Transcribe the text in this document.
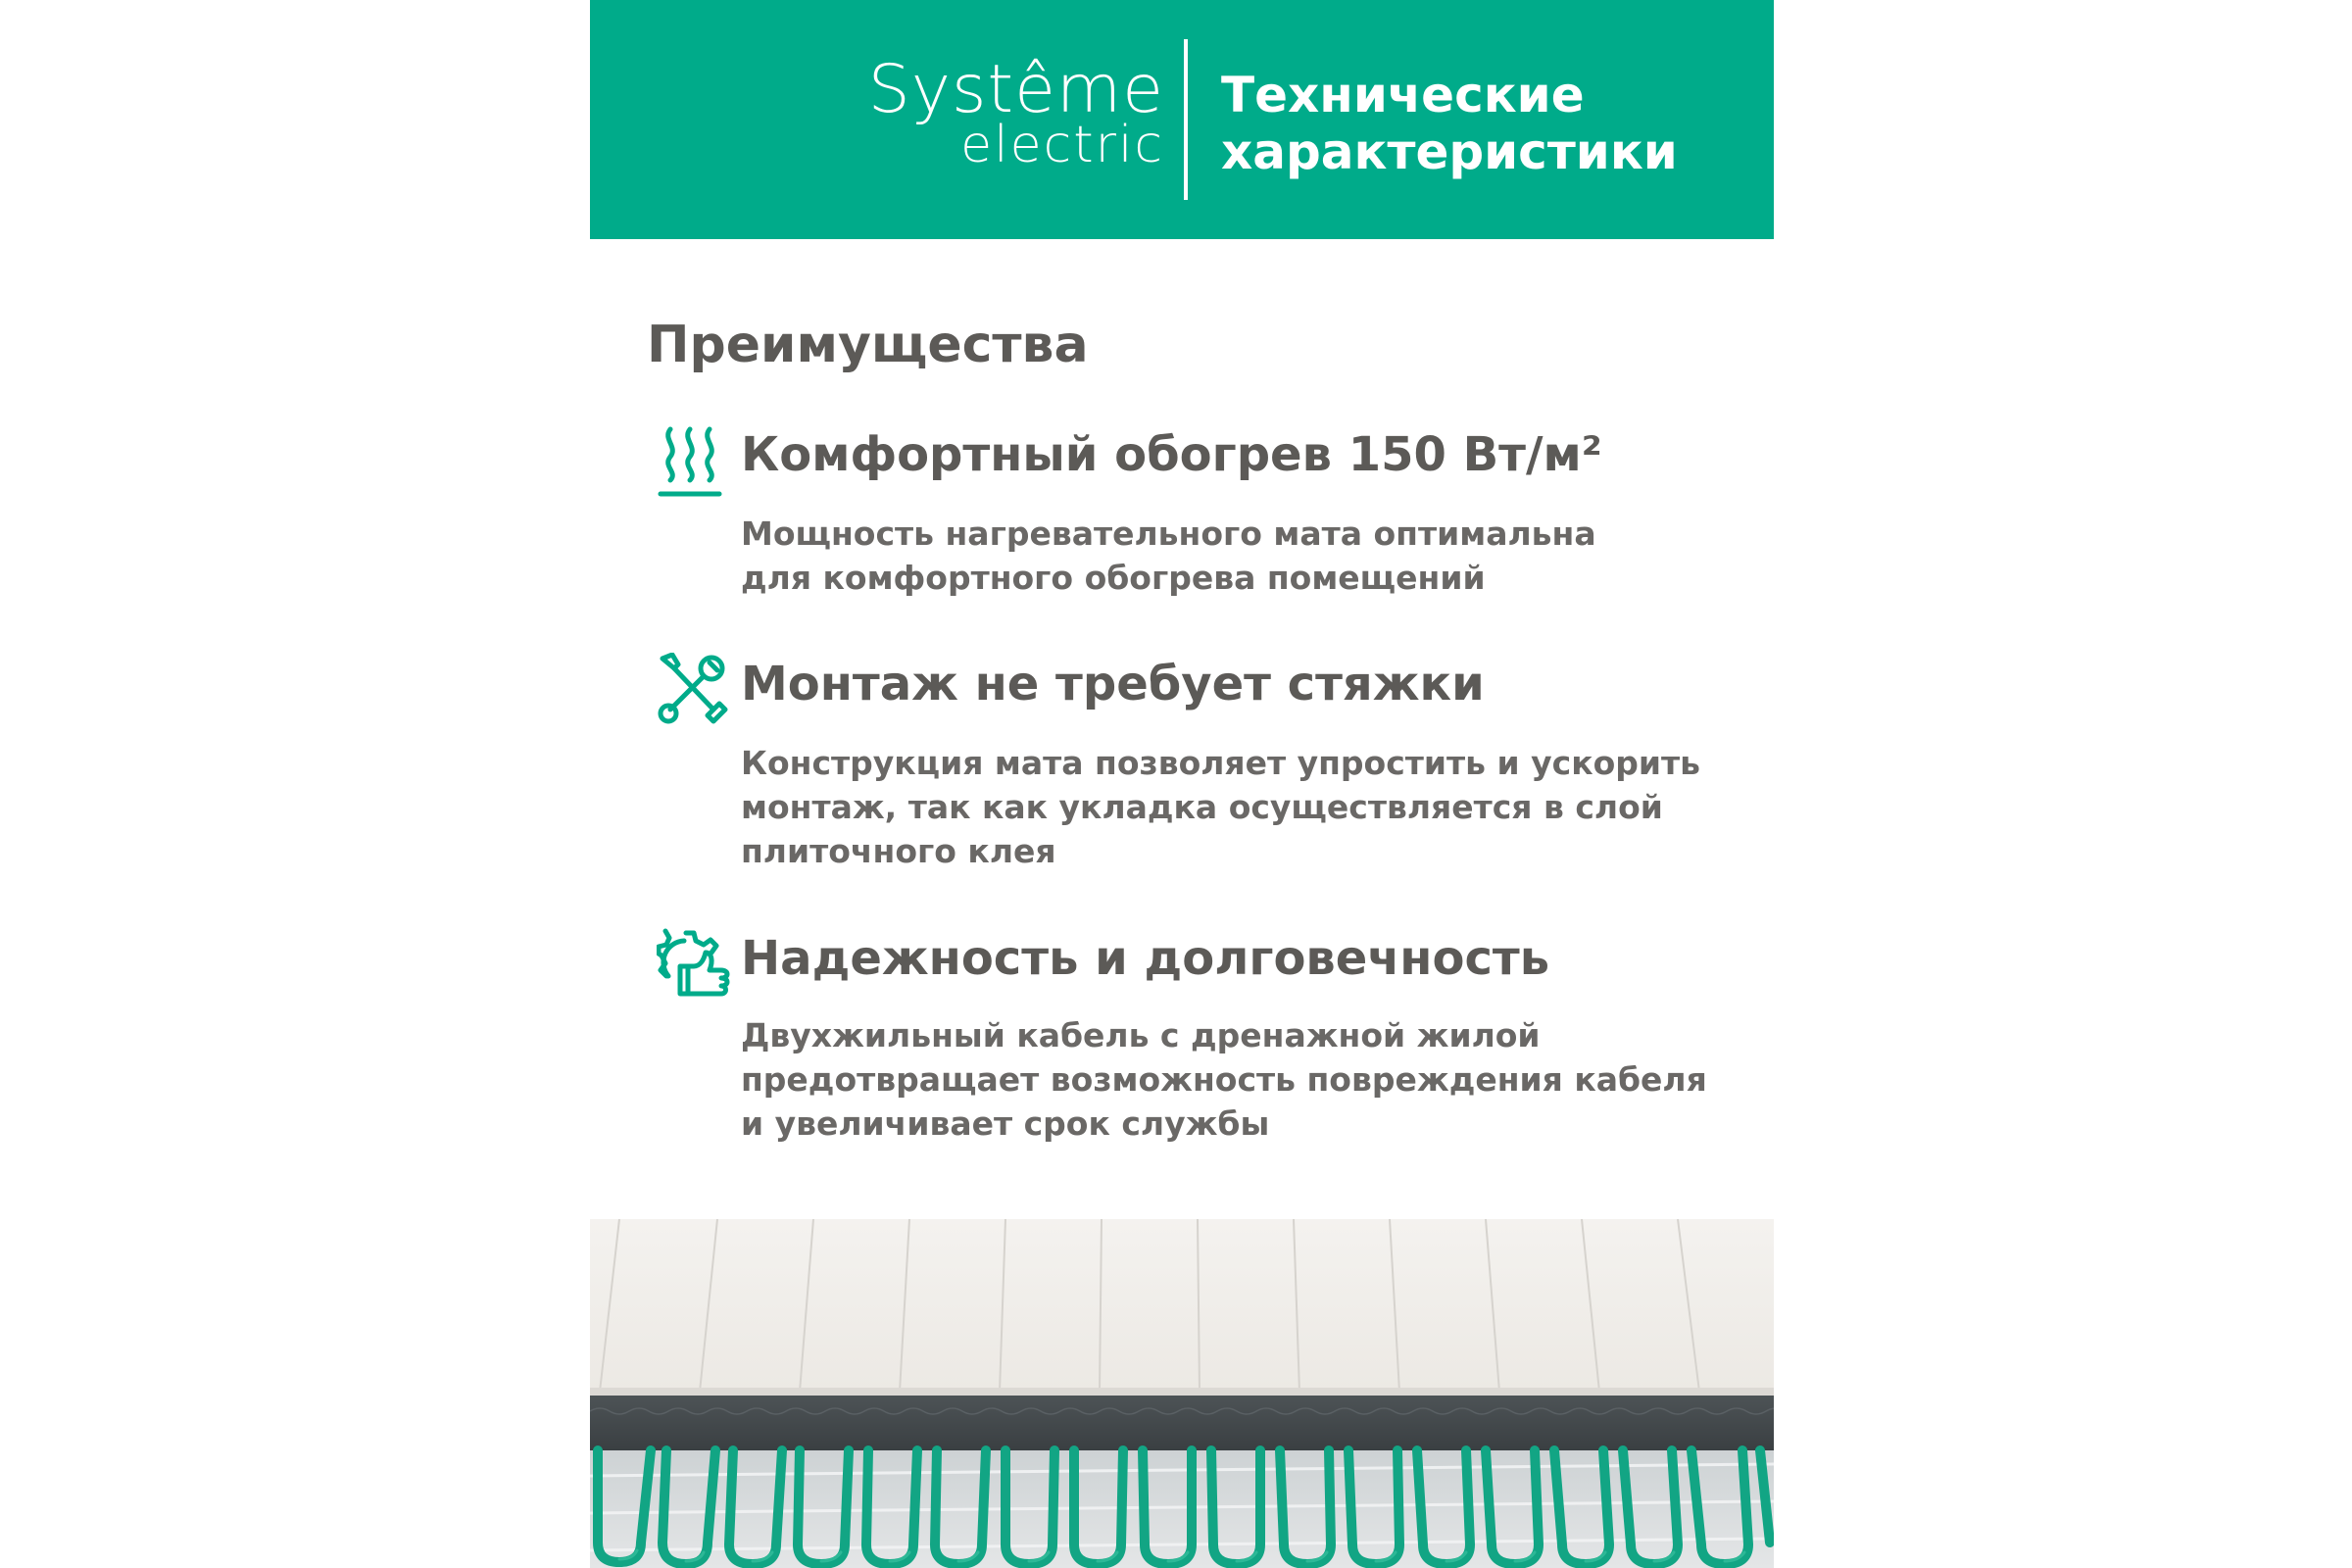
Systême
electric
Технические
характеристики
Преимущества
Комфортный обогрев 150 Вт/м²
Мощность нагревательного мата оптимальна
для комфортного обогрева помещений
Монтаж не требует стяжки
Конструкция мата позволяет упростить и ускорить
монтаж, так как укладка осуществляется в слой
плиточного клея
Надежность и долговечность
Двухжильный кабель с дренажной жилой
предотвращает возможность повреждения кабеля
и увеличивает срок службы
